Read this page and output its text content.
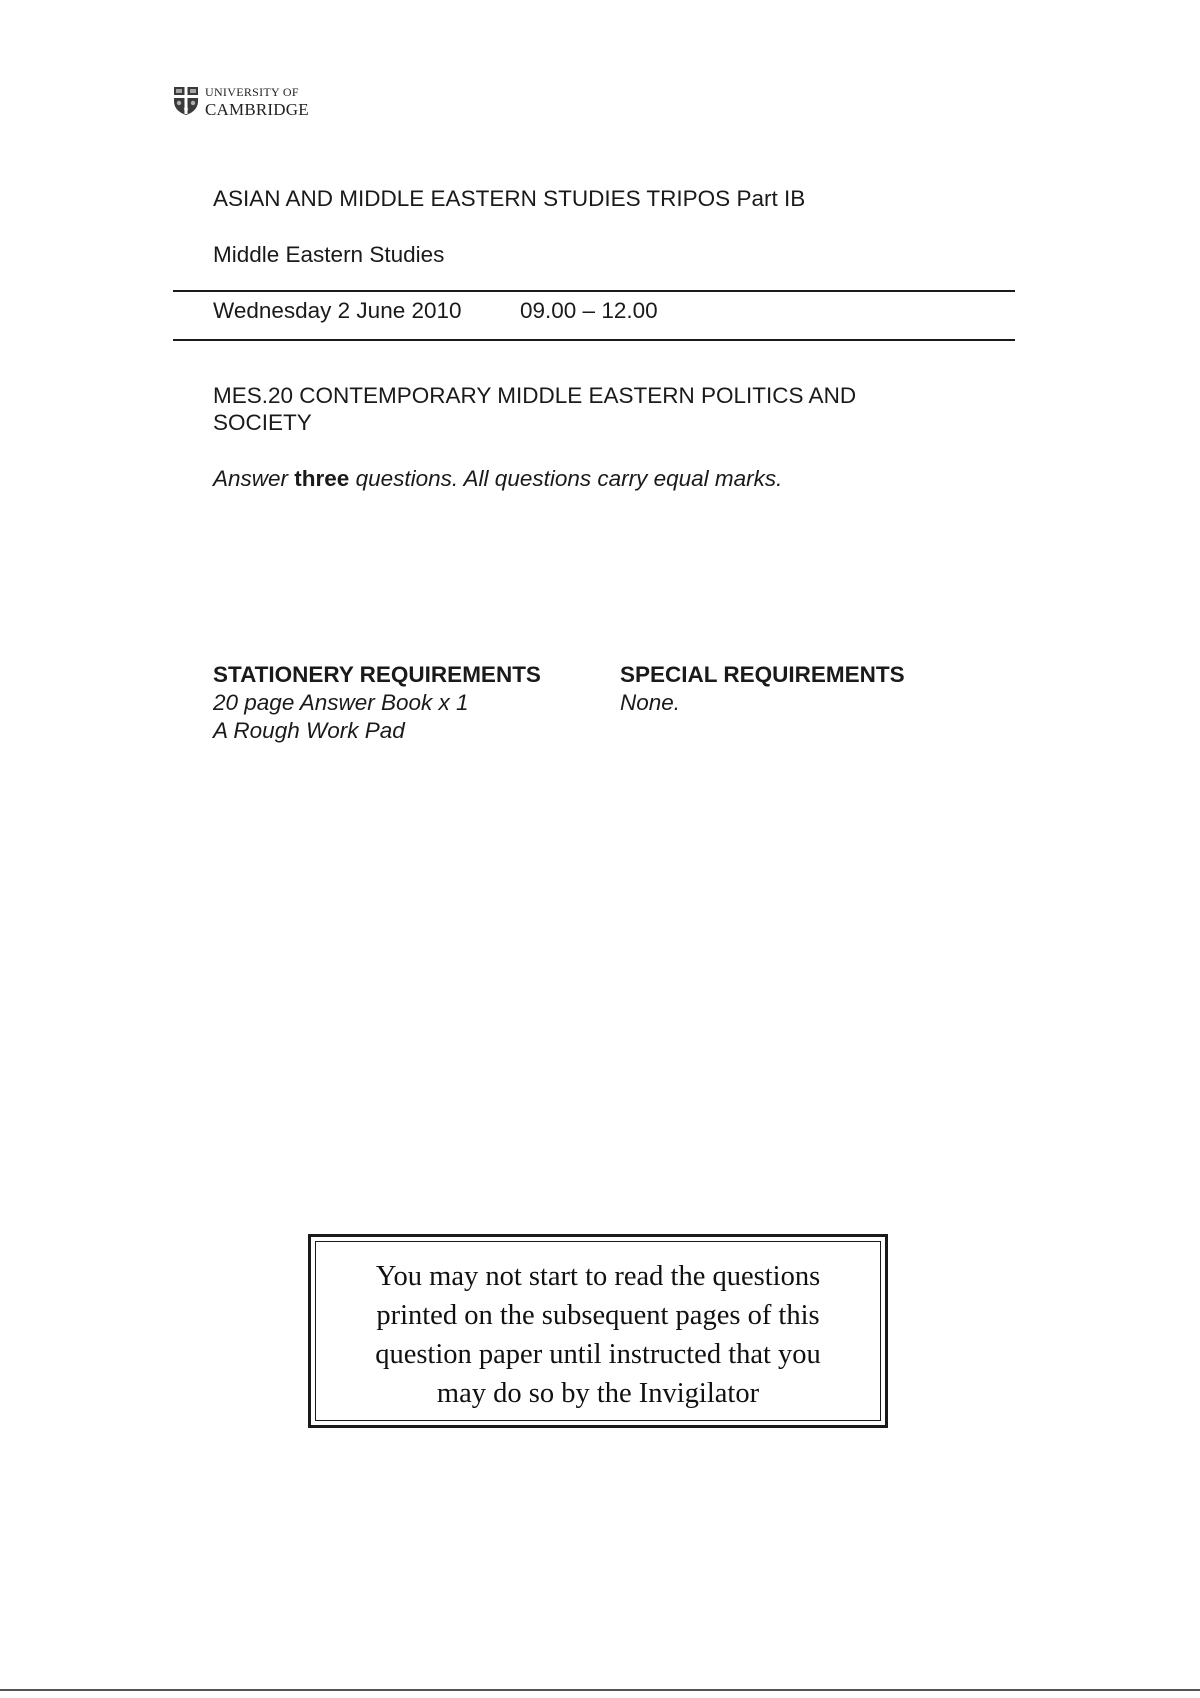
UNIVERSITY OF
CAMBRIDGE
ASIAN AND MIDDLE EASTERN STUDIES TRIPOS Part IB
Middle Eastern Studies
Wednesday 2 June 2010	09.00 – 12.00
MES.20 CONTEMPORARY MIDDLE EASTERN POLITICS AND SOCIETY
Answer three questions. All questions carry equal marks.
STATIONERY REQUIREMENTS
20 page Answer Book x 1
A Rough Work Pad
SPECIAL REQUIREMENTS
None.
You may not start to read the questions
printed on the subsequent pages of this
question paper until instructed that you
may do so by the Invigilator
